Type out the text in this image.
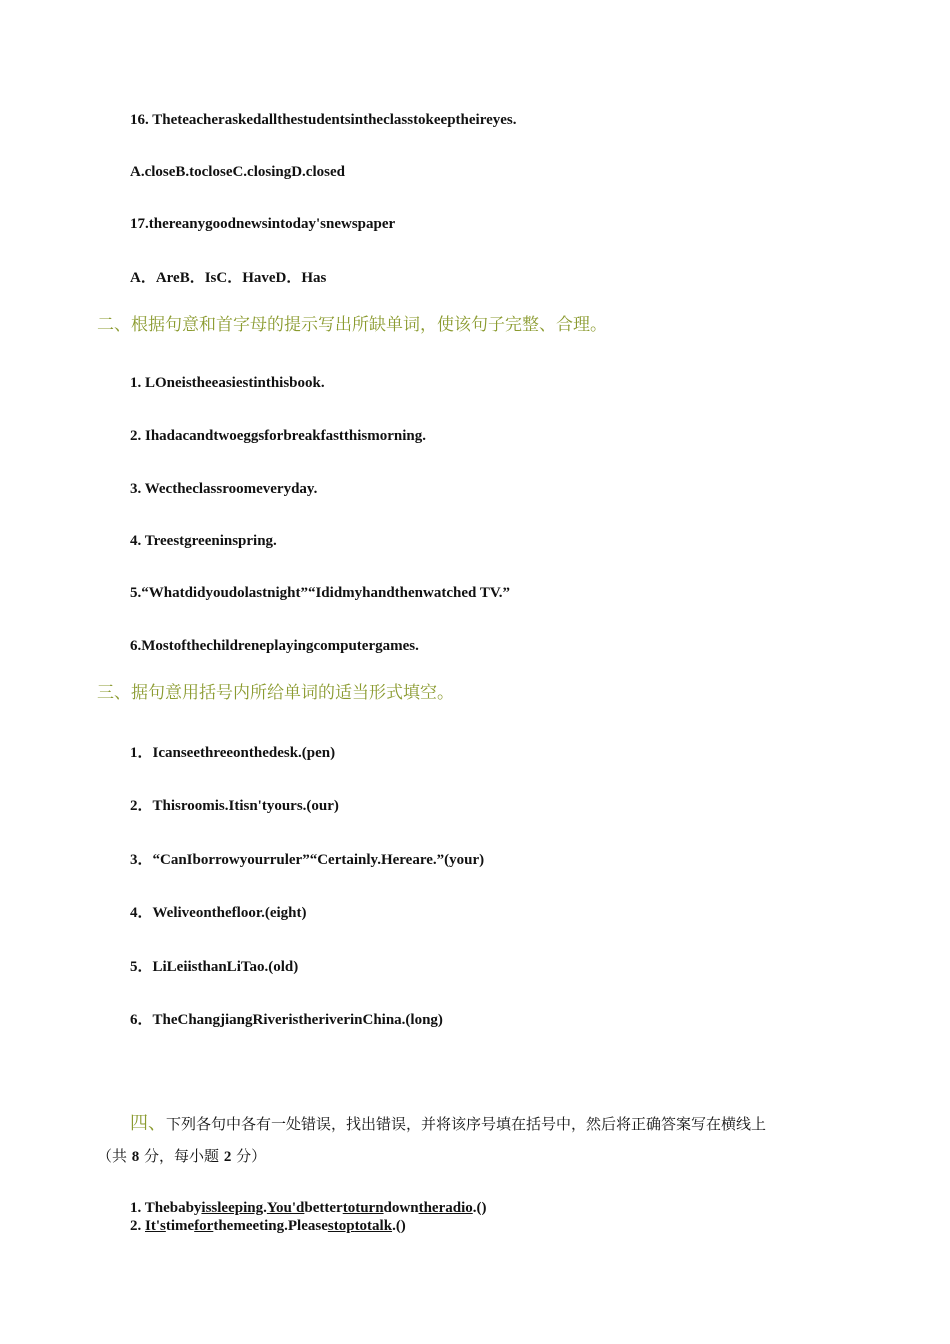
16. Theteacheraskedallthestudentsintheclasstokeeptheireyes.
A.closeB.tocloseC.closingD.closed
17.thereanygoodnewsintoday'snewspaper
A．AreB．IsC．HaveD．Has
二、根据句意和首字母的提示写出所缺单词，使该句子完整、合理。
1. LOneistheeasiestinthisbook.
2. Ihadacandtwoeggsforbreakfastthismorning.
3. Wectheclassroomeveryday.
4. Treestgreeninspring.
5.“Whatdidyoudolastnight”“Ididmyhandthenwatched TV.”
6.Mostofthechildreneplayingcomputergames.
三、据句意用括号内所给单词的适当形式填空。
1．Icanseethreeonthedesk.(pen)
2．Thisroomis.Itisn'tyours.(our)
3．“CanIborrowyourruler”“Certainly.Hereare.”(your)
4．Weliveonthefloor.(eight)
5．LiLeiisthanLiTao.(old)
6．TheChangjiangRiveristheriverinChina.(long)
四、下列各句中各有一处错误，找出错误，并将该序号填在括号中，然后将正确答案写在横线上
（共 8 分，每小题 2 分）
1. Thebabyissleeping.You'dbettertoturndowntheradio.()
2. It'stimeforthemeeting.Pleasestoptotalk.()
